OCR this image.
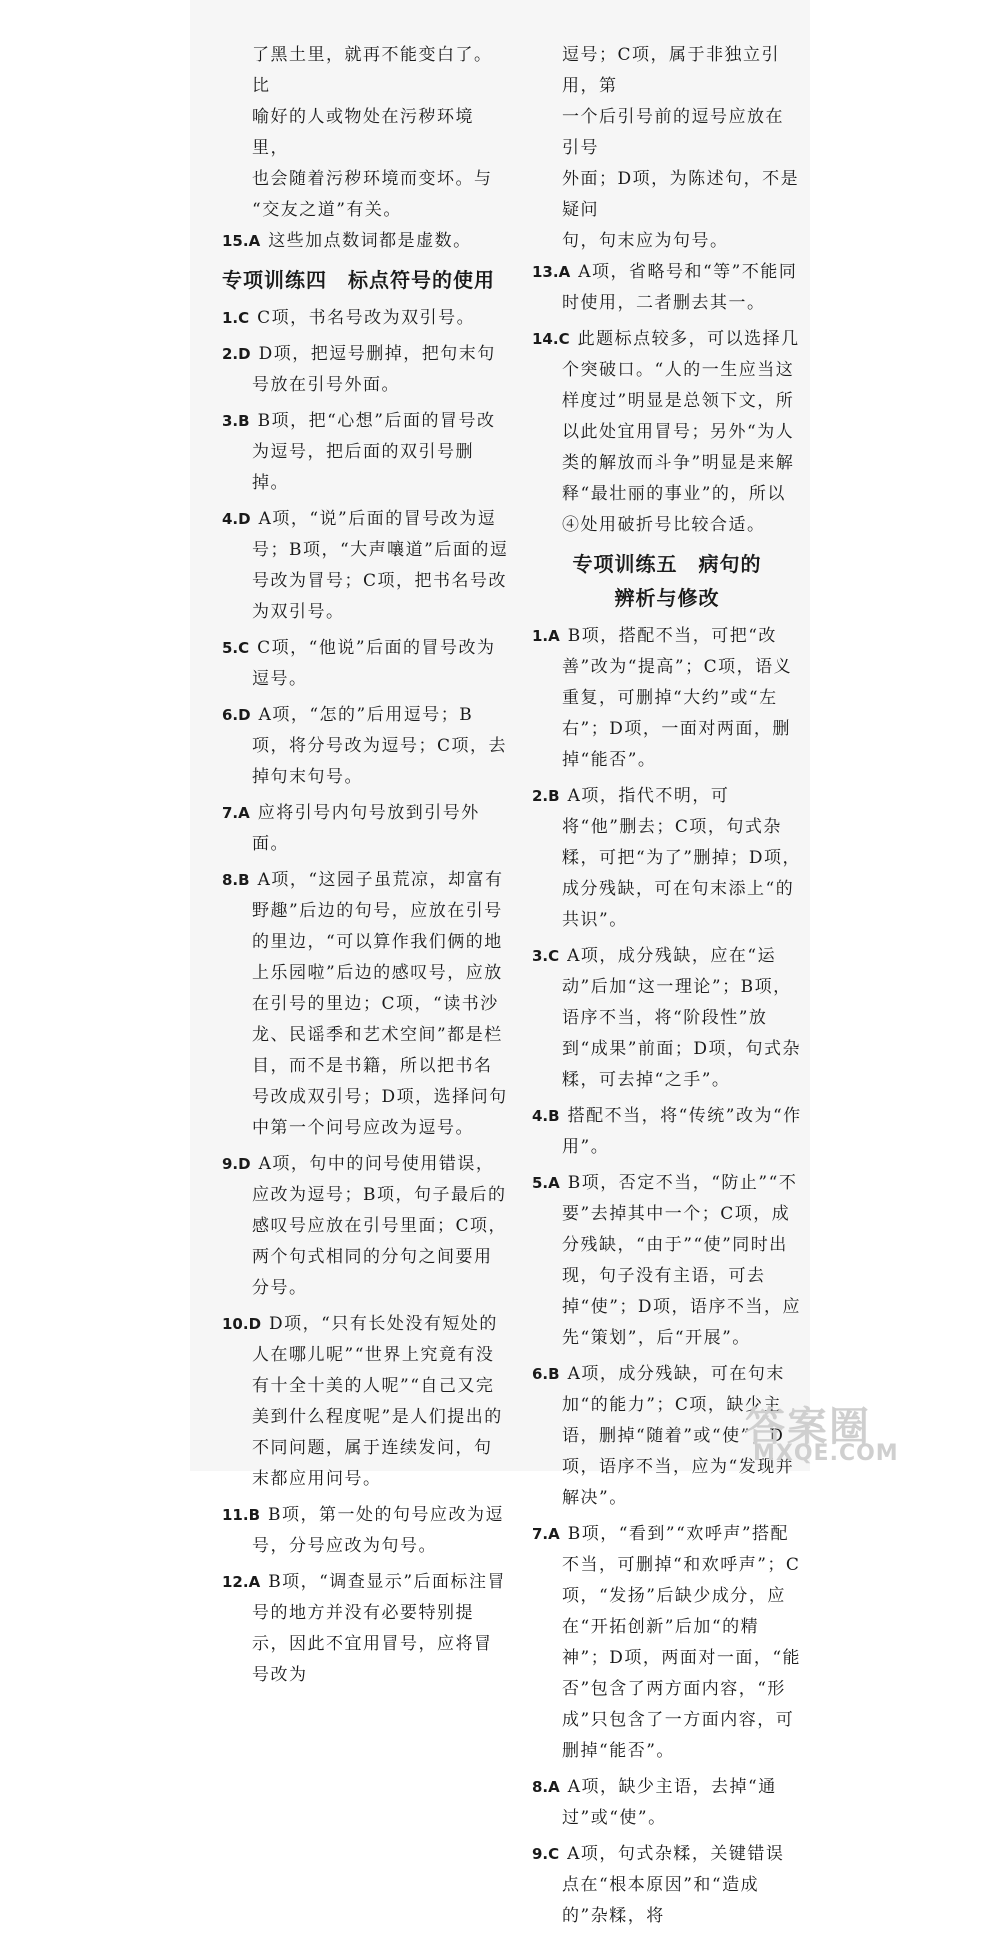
了黑土里，就再不能变白了。比
喻好的人或物处在污秽环境里，
也会随着污秽环境而变坏。与
“交友之道”有关。
15.A 这些加点数词都是虚数。
专项训练四　标点符号的使用
1.C C项，书名号改为双引号。
2.D D项，把逗号删掉，把句末句号放在引号外面。
3.B B项，把“心想”后面的冒号改为逗号，把后面的双引号删掉。
4.D A项，“说”后面的冒号改为逗号；B项，“大声嚷道”后面的逗号改为冒号；C项，把书名号改为双引号。
5.C C项，“他说”后面的冒号改为逗号。
6.D A项，“怎的”后用逗号；B项，将分号改为逗号；C项，去掉句末句号。
7.A 应将引号内句号放到引号外面。
8.B A项，“这园子虽荒凉，却富有野趣”后边的句号，应放在引号的里边，“可以算作我们俩的地上乐园啦”后边的感叹号，应放在引号的里边；C项，“读书沙龙、民谣季和艺术空间”都是栏目，而不是书籍，所以把书名号改成双引号；D项，选择问句中第一个问号应改为逗号。
9.D A项，句中的问号使用错误，应改为逗号；B项，句子最后的感叹号应放在引号里面；C项，两个句式相同的分句之间要用分号。
10.D D项，“只有长处没有短处的人在哪儿呢”“世界上究竟有没有十全十美的人呢”“自己又完美到什么程度呢”是人们提出的不同问题，属于连续发问，句末都应用问号。
11.B B项，第一处的句号应改为逗号，分号应改为句号。
12.A B项，“调查显示”后面标注冒号的地方并没有必要特别提示，因此不宜用冒号，应将冒号改为
逗号；C项，属于非独立引用，第
一个后引号前的逗号应放在引号
外面；D项，为陈述句，不是疑问
句，句末应为句号。
13.A A项，省略号和“等”不能同时使用，二者删去其一。
14.C 此题标点较多，可以选择几个突破口。“人的一生应当这样度过”明显是总领下文，所以此处宜用冒号；另外“为人类的解放而斗争”明显是来解释“最壮丽的事业”的，所以④处用破折号比较合适。
专项训练五　病句的
辨析与修改
1.A B项，搭配不当，可把“改善”改为“提高”；C项，语义重复，可删掉“大约”或“左右”；D项，一面对两面，删掉“能否”。
2.B A项，指代不明，可将“他”删去；C项，句式杂糅，可把“为了”删掉；D项，成分残缺，可在句末添上“的共识”。
3.C A项，成分残缺，应在“运动”后加“这一理论”；B项，语序不当，将“阶段性”放到“成果”前面；D项，句式杂糅，可去掉“之手”。
4.B 搭配不当，将“传统”改为“作用”。
5.A B项，否定不当，“防止”“不要”去掉其中一个；C项，成分残缺，“由于”“使”同时出现，句子没有主语，可去掉“使”；D项，语序不当，应先“策划”，后“开展”。
6.B A项，成分残缺，可在句末加“的能力”；C项，缺少主语，删掉“随着”或“使”；D项，语序不当，应为“发现并解决”。
7.A B项，“看到”“欢呼声”搭配不当，可删掉“和欢呼声”；C项，“发扬”后缺少成分，应在“开拓创新”后加“的精神”；D项，两面对一面，“能否”包含了两方面内容，“形成”只包含了一方面内容，可删掉“能否”。
8.A A项，缺少主语，去掉“通过”或“使”。
9.C A项，句式杂糅，关键错误点在“根本原因”和“造成的”杂糅，将
答案圈
MXQE.COM
